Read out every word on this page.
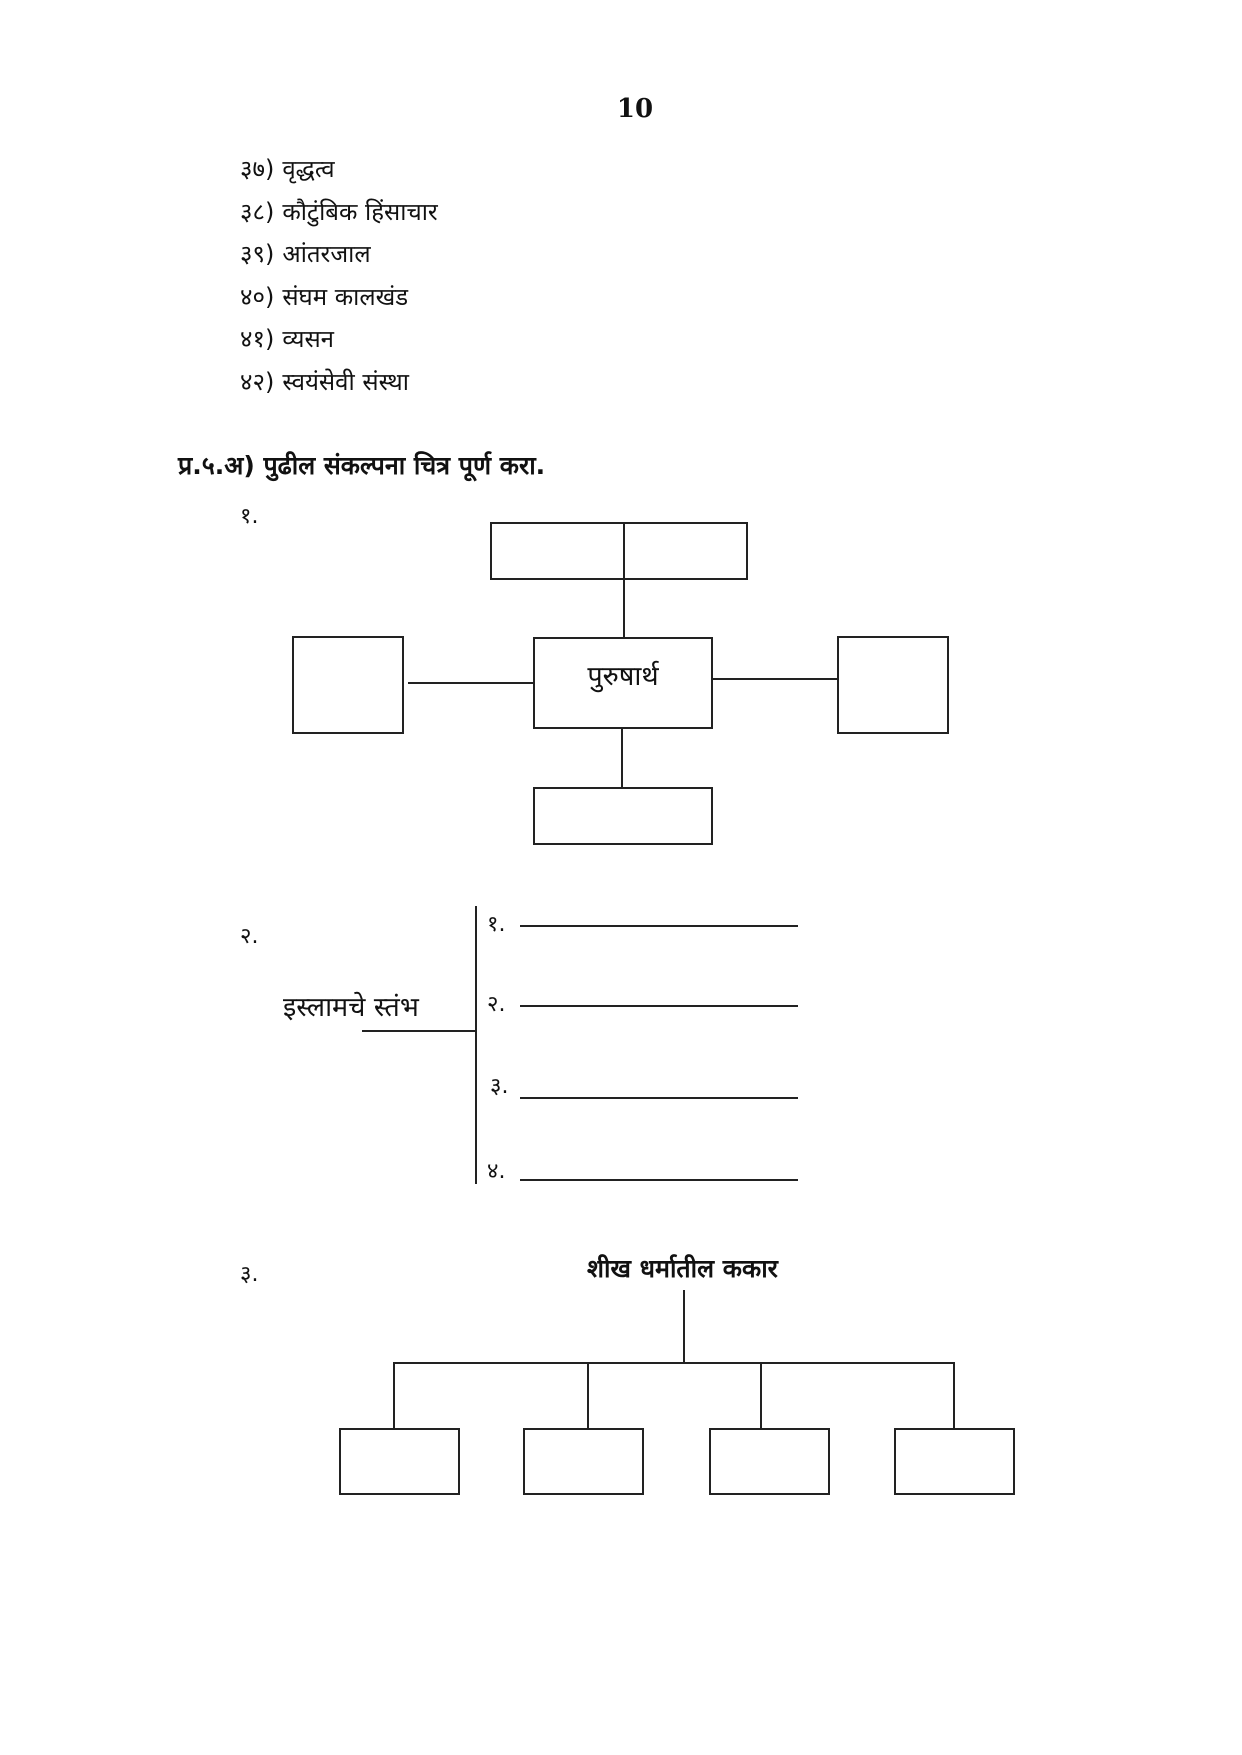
10
३७) वृद्धत्व
३८) कौटुंबिक हिंसाचार
३९) आंतरजाल
४०) संघम कालखंड
४१) व्यसन
४२) स्वयंसेवी संस्था
प्र.५.अ) पुढील संकल्पना चित्र पूर्ण करा.
१.
पुरुषार्थ
२.
इस्लामचे स्तंभ
१.
२.
३.
४.
३.	शीख धर्मातील ककार
